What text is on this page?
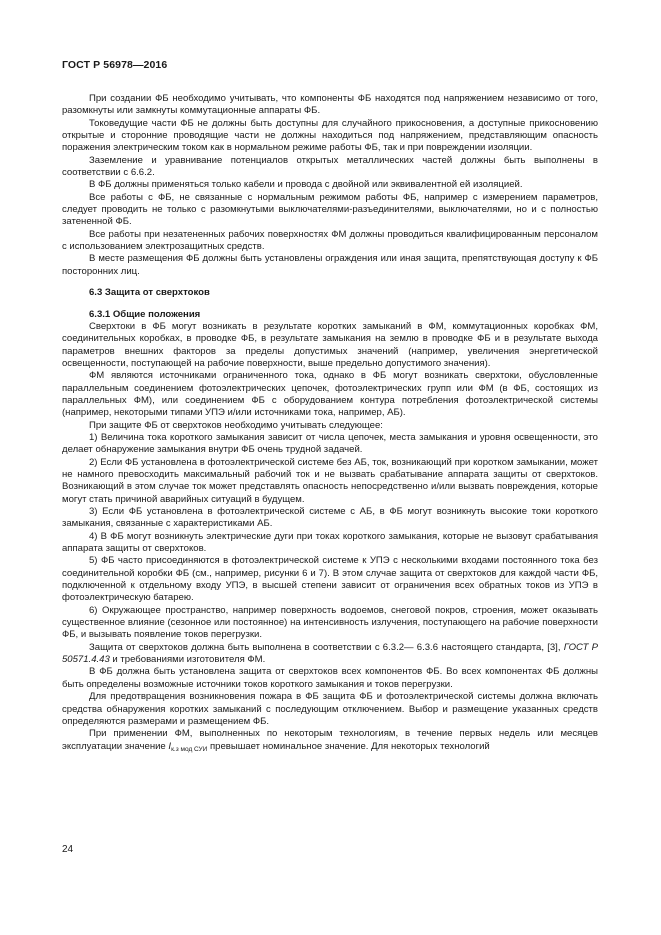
ГОСТ Р 56978—2016

При создании ФБ необходимо учитывать, что компоненты ФБ находятся под напряжением независимо от того, разомкнуты или замкнуты коммутационные аппараты ФБ.

Токоведущие части ФБ не должны быть доступны для случайного прикосновения, а доступные прикосновению открытые и сторонние проводящие части не должны находиться под напряжением, представляющим опасность поражения электрическим током как в нормальном режиме работы ФБ, так и при повреждении изоляции.

Заземление и уравнивание потенциалов открытых металлических частей должны быть выполнены в соответствии с 6.6.2.

В ФБ должны применяться только кабели и провода с двойной или эквивалентной ей изоляцией.

Все работы с ФБ, не связанные с нормальным режимом работы ФБ, например с измерением параметров, следует проводить не только с разомкнутыми выключателями-разъединителями, выключателями, но и с полностью затененной ФБ.

Все работы при незатененных рабочих поверхностях ФМ должны проводиться квалифицированным персоналом с использованием электрозащитных средств.

В месте размещения ФБ должны быть установлены ограждения или иная защита, препятствующая доступу к ФБ посторонних лиц.

6.3 Защита от сверхтоков
6.3.1 Общие положения

Сверхтоки в ФБ могут возникать в результате коротких замыканий в ФМ, коммутационных коробках ФМ, соединительных коробках, в проводке ФБ, в результате замыкания на землю в проводке ФБ и в результате выхода параметров внешних факторов за пределы допустимых значений (например, увеличения энергетической освещенности, поступающей на рабочие поверхности, выше предельно допустимого значения).

ФМ являются источниками ограниченного тока, однако в ФБ могут возникать сверхтоки, обусловленные параллельным соединением фотоэлектрических цепочек, фотоэлектрических групп или ФМ (в ФБ, состоящих из параллельных ФМ), или соединением ФБ с оборудованием контура потребления фотоэлектрической системы (например, некоторыми типами УПЭ и/или источниками тока, например, АБ).

При защите ФБ от сверхтоков необходимо учитывать следующее:

1) Величина тока короткого замыкания зависит от числа цепочек, места замыкания и уровня освещенности, это делает обнаружение замыкания внутри ФБ очень трудной задачей.

2) Если ФБ установлена в фотоэлектрической системе без АБ, ток, возникающий при коротком замыкании, может не намного превосходить максимальный рабочий ток и не вызвать срабатывание аппарата защиты от сверхтоков. Возникающий в этом случае ток может представлять опасность непосредственно и/или вызвать повреждения, которые могут стать причиной аварийных ситуаций в будущем.

3) Если ФБ установлена в фотоэлектрической системе с АБ, в ФБ могут возникнуть высокие токи короткого замыкания, связанные с характеристиками АБ.

4) В ФБ могут возникнуть электрические дуги при токах короткого замыкания, которые не вызовут срабатывания аппарата защиты от сверхтоков.

5) ФБ часто присоединяются в фотоэлектрической системе к УПЭ с несколькими входами постоянного тока без соединительной коробки ФБ (см., например, рисунки 6 и 7). В этом случае защита от сверхтоков для каждой части ФБ, подключенной к отдельному входу УПЭ, в высшей степени зависит от ограничения всех обратных токов из УПЭ в фотоэлектрическую батарею.

6) Окружающее пространство, например поверхность водоемов, снеговой покров, строения, может оказывать существенное влияние (сезонное или постоянное) на интенсивность излучения, поступающего на рабочие поверхности ФБ, и вызывать появление токов перегрузки.

Защита от сверхтоков должна быть выполнена в соответствии с 6.3.2— 6.3.6 настоящего стандарта, [3], ГОСТ Р 50571.4.43 и требованиями изготовителя ФМ.

В ФБ должна быть установлена защита от сверхтоков всех компонентов ФБ. Во всех компонентах ФБ должны быть определены возможные источники токов короткого замыкания и токов перегрузки.

Для предотвращения возникновения пожара в ФБ защита ФБ и фотоэлектрической системы должна включать средства обнаружения коротких замыканий с последующим отключением. Выбор и размещение указанных средств определяются размерами и размещением ФБ.

При применении ФМ, выполненных по некоторым технологиям, в течение первых недель или месяцев эксплуатации значение $I_{к.з мод СУИ}$ превышает номинальное значение. Для некоторых технологий

24
